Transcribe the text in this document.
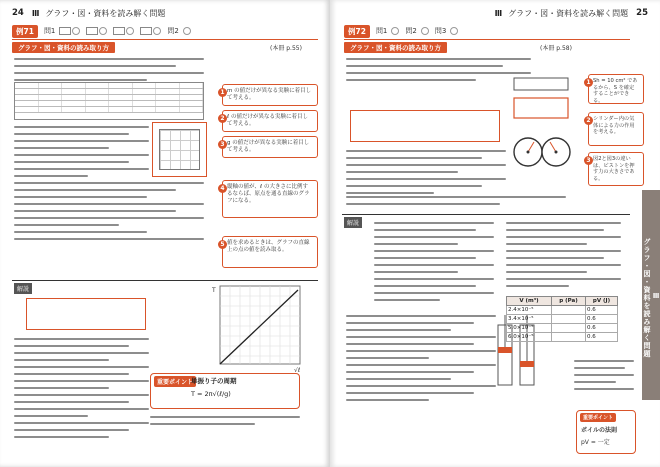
24 Ⅲ グラフ・図・資料を読み解く問題
例71	問1	問2
グラフ・図・資料の読み取り方	(本冊 p.55)
1 m の値だけが異なる実験に着目して考える。
2 ℓ の値だけが異なる実験に着目して考える。
3 g の値だけが異なる実験に着目して考える。
4 縦軸の値が、ℓ の大きさに比例するならば、原点を通る直線のグラフになる。
5 値を求めるときは、グラフの直線上の点の値を読み取る。
解説	T
√ℓ
重要ポイント
単振り子の周期
T = 2π√(ℓ/g)
Ⅲ グラフ・図・資料を読み解く問題 25
例72	問1	問2	問3
グラフ・図・資料の読み取り方	(本冊 p.58)
1 Sh = 10 cm² であるから、S を確定することができる。
2 シリンダー内の気体による力の作用を考える。
3 図2と図3の違いは、ピストンを押す力の大きさである。
解説
V (m³)	p (Pa)	pV (J)
2.4×10⁻⁵		0.6
3.4×10⁻⁵		0.6
5.0×10⁻⁵		0.6
6.0×10⁻⁵		0.6
重要ポイント
ボイルの法則
pV = 一定
Ⅲ
グラフ・図・資料を読み解く問題
